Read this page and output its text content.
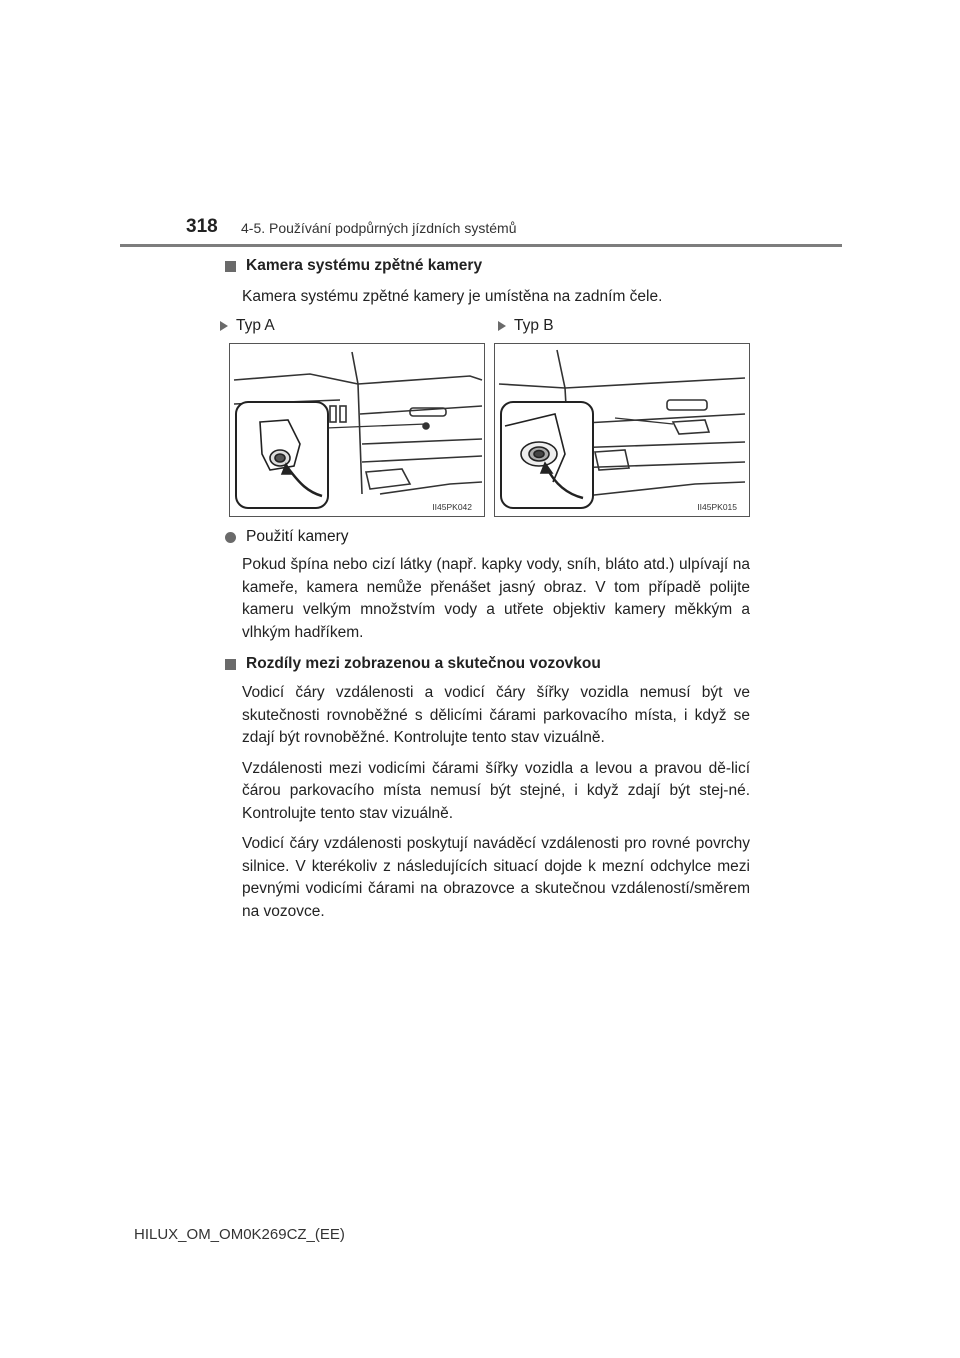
318 4-5. Používání podpůrných jízdních systémů
Kamera systému zpětné kamery

Kamera systému zpětné kamery je umístěna na zadním čele.

Typ A	Typ B
II45PK042	II45PK015
Použití kamery

Pokud špína nebo cizí látky (např. kapky vody, sníh, bláto atd.) ulpívají na kameře, kamera nemůže přenášet jasný obraz. V tom případě polijte kameru velkým množstvím vody a utřete objektiv kamery měkkým a vlhkým hadříkem.

Rozdíly mezi zobrazenou a skutečnou vozovkou

Vodicí čáry vzdálenosti a vodicí čáry šířky vozidla nemusí být ve skutečnosti rovnoběžné s dělicími čárami parkovacího místa, i když se zdají být rovnoběžné. Kontrolujte tento stav vizuálně.

Vzdálenosti mezi vodicími čárami šířky vozidla a levou a pravou dě-licí čárou parkovacího místa nemusí být stejné, i když zdají být stej-né. Kontrolujte tento stav vizuálně.

Vodicí čáry vzdálenosti poskytují naváděcí vzdálenosti pro rovné povrchy silnice. V kterékoliv z následujících situací dojde k mezní odchylce mezi pevnými vodicími čárami na obrazovce a skutečnou vzdáleností/směrem na vozovce.

HILUX_OM_OM0K269CZ_(EE)
